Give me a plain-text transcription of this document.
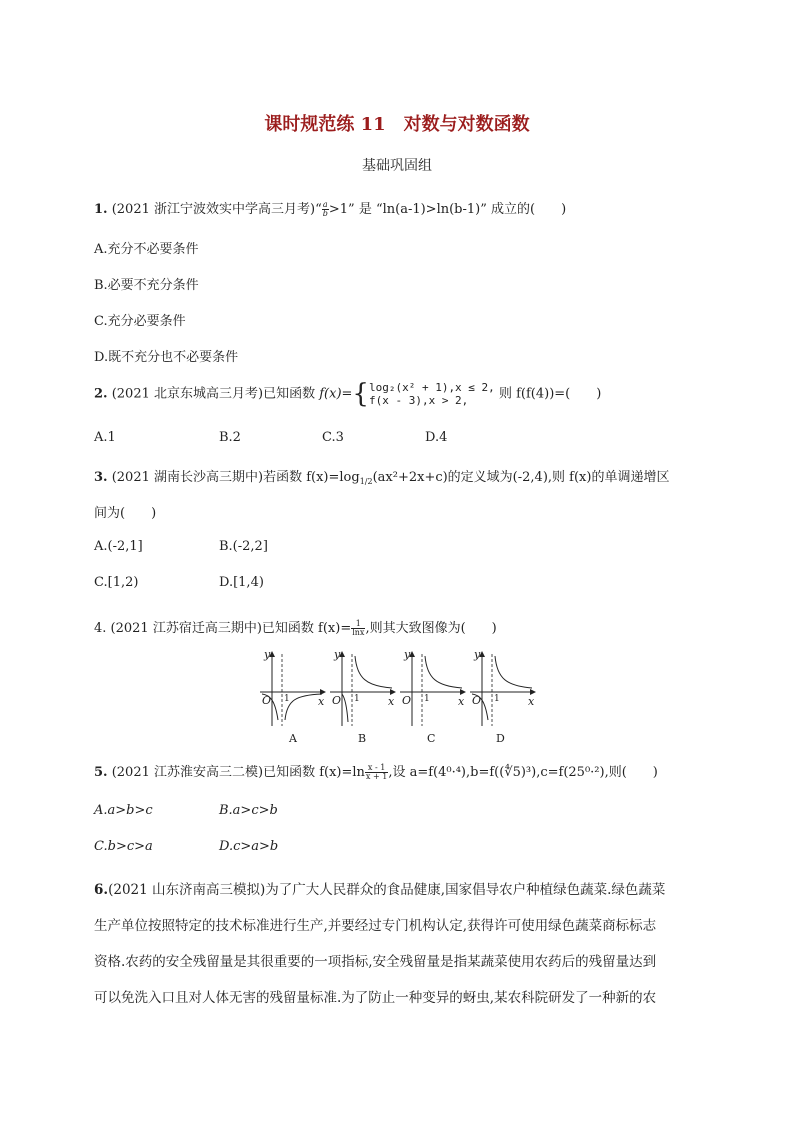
课时规范练 11　对数与对数函数
基础巩固组
1. (2021 浙江宁波效实中学高三月考)“ $\frac{a}{b} >1$” 是 “ln(a-1)>ln(b-1)” 成立的(　　)
A.充分不必要条件
B.必要不充分条件
C.充分必要条件
D.既不充分也不必要条件
2. (2021 北京东城高三月考)已知函数 f(x)={ log₂(x² + 1),x ≤ 2,
f(x - 3),x > 2,	则 f(f(4))=(　　)
A.1	B.2	C.3	D.4
3. (2021 湖南长沙高三期中)若函数 $f(x)=\log_{1/2}(ax^2+2x+c)$的定义域为(-2,4),则 f(x)的单调递增区
间为(　　)
A.(-2,1]	B.(-2,2]
C.[1,2)	D.[1,4)
4. (2021 江苏宿迁高三期中)已知函数 $f(x)= \frac{1}{\ln x}$ ,则其大致图像为(　　)
y
x
O 1
y
x
O 1
y
x
O 1
y
x
O 1
A	B	C	D
5. (2021 江苏淮安高三二模)已知函数 $f(x)=\ln \frac{x - 1}{x + 1}$ ,设 a=f(4⁰·⁴),b=f((∜5)³),c=f(25⁰·²),则(　　)
A.a>b>c	B.a>c>b
C.b>c>a	D.c>a>b
6.(2021 山东济南高三模拟)为了广大人民群众的食品健康,国家倡导农户种植绿色蔬菜.绿色蔬菜
生产单位按照特定的技术标准进行生产,并要经过专门机构认定,获得许可使用绿色蔬菜商标标志
资格.农药的安全残留量是其很重要的一项指标,安全残留量是指某蔬菜使用农药后的残留量达到
可以免洗入口且对人体无害的残留量标准.为了防止一种变异的蚜虫,某农科院研发了一种新的农
